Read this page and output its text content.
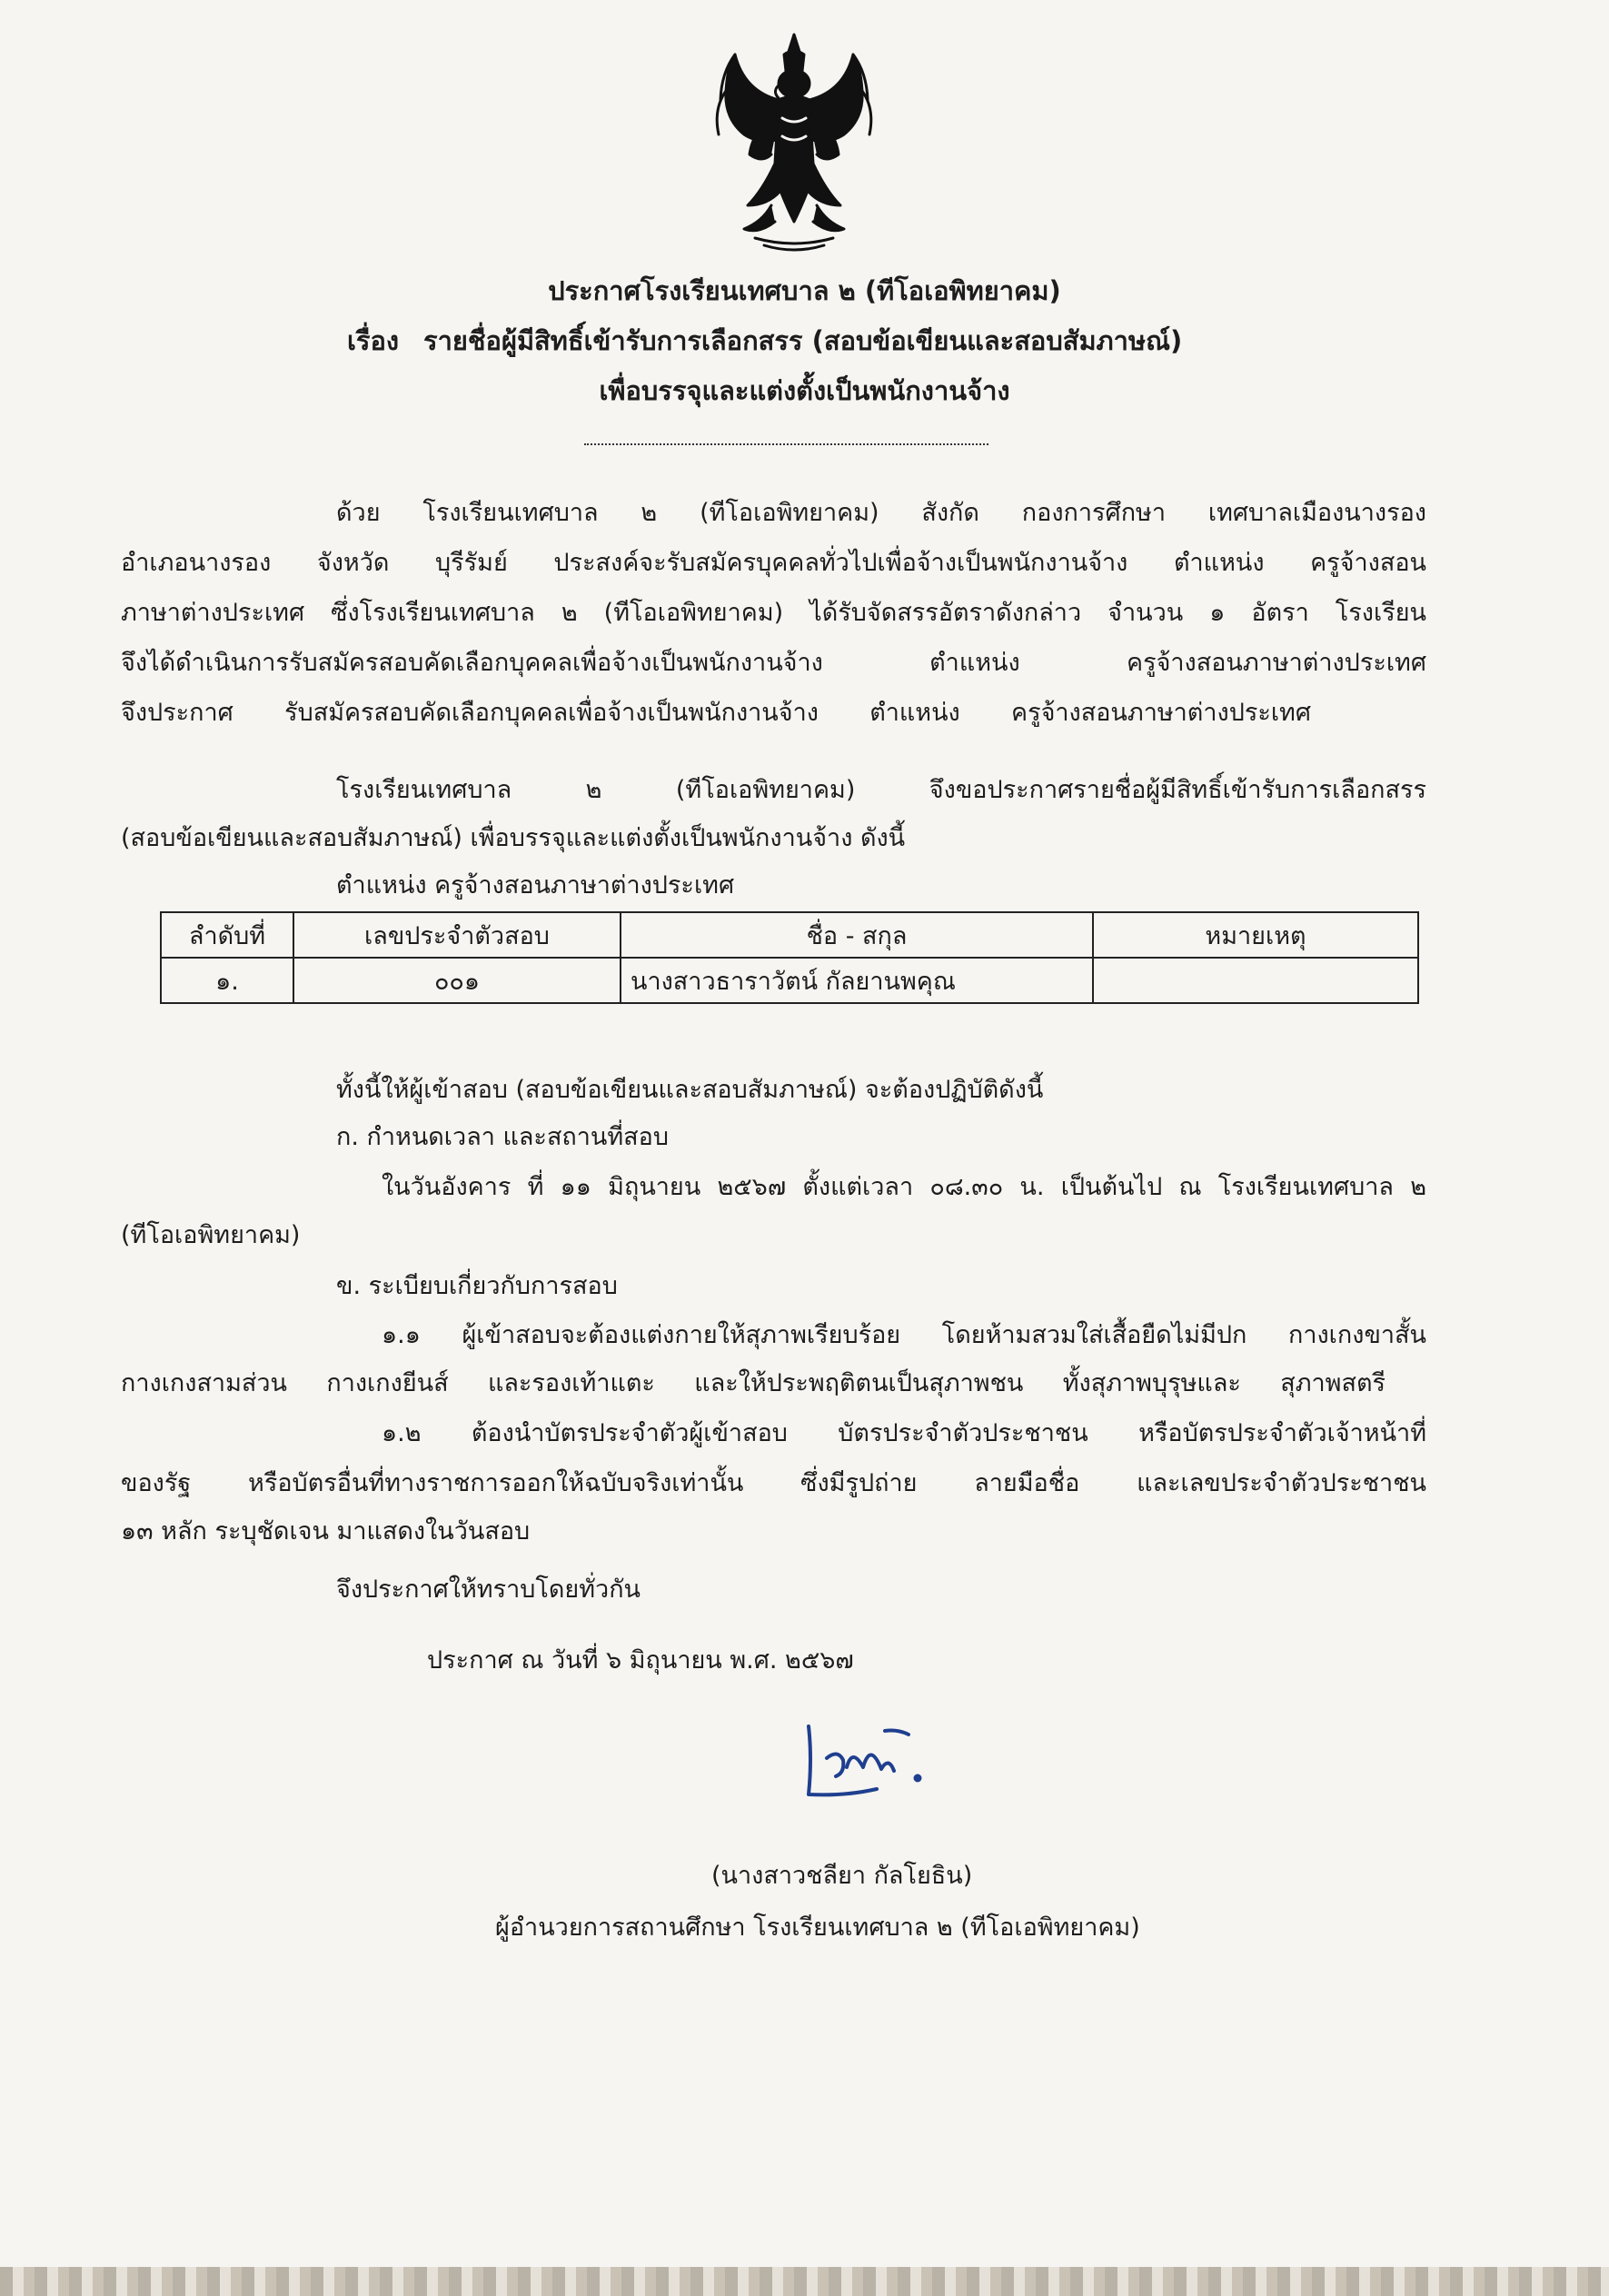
ประกาศโรงเรียนเทศบาล ๒ (ทีโอเอพิทยาคม)
เรื่อง รายชื่อผู้มีสิทธิ์เข้ารับการเลือกสรร (สอบข้อเขียนและสอบสัมภาษณ์)
เพื่อบรรจุและแต่งตั้งเป็นพนักงานจ้าง
ด้วย โรงเรียนเทศบาล ๒ (ทีโอเอพิทยาคม) สังกัด กองการศึกษา เทศบาลเมืองนางรอง
อำเภอนางรอง จังหวัด บุรีรัมย์ ประสงค์จะรับสมัครบุคคลทั่วไปเพื่อจ้างเป็นพนักงานจ้าง ตำแหน่ง ครูจ้างสอน
ภาษาต่างประเทศ ซึ่งโรงเรียนเทศบาล ๒ (ทีโอเอพิทยาคม) ได้รับจัดสรรอัตราดังกล่าว จำนวน ๑ อัตรา โรงเรียน
จึงได้ดำเนินการรับสมัครสอบคัดเลือกบุคคลเพื่อจ้างเป็นพนักงานจ้าง ตำแหน่ง ครูจ้างสอนภาษาต่างประเทศ
จึงประกาศ รับสมัครสอบคัดเลือกบุคคลเพื่อจ้างเป็นพนักงานจ้าง ตำแหน่ง ครูจ้างสอนภาษาต่างประเทศ
โรงเรียนเทศบาล ๒ (ทีโอเอพิทยาคม) จึงขอประกาศรายชื่อผู้มีสิทธิ์เข้ารับการเลือกสรร
(สอบข้อเขียนและสอบสัมภาษณ์) เพื่อบรรจุและแต่งตั้งเป็นพนักงานจ้าง ดังนี้
ตำแหน่ง ครูจ้างสอนภาษาต่างประเทศ
ลำดับที่	เลขประจำตัวสอบ	ชื่อ - สกุล	หมายเหตุ
๑.	๐๐๑	นางสาวธาราวัตน์ กัลยานพคุณ	
ทั้งนี้ให้ผู้เข้าสอบ (สอบข้อเขียนและสอบสัมภาษณ์) จะต้องปฏิบัติดังนี้
ก. กำหนดเวลา และสถานที่สอบ
ในวันอังคาร ที่ ๑๑ มิถุนายน ๒๕๖๗ ตั้งแต่เวลา ๐๘.๓๐ น. เป็นต้นไป ณ โรงเรียนเทศบาล ๒
(ทีโอเอพิทยาคม)
ข. ระเบียบเกี่ยวกับการสอบ
๑.๑ ผู้เข้าสอบจะต้องแต่งกายให้สุภาพเรียบร้อย โดยห้ามสวมใส่เสื้อยืดไม่มีปก กางเกงขาสั้น
กางเกงสามส่วน กางเกงยีนส์ และรองเท้าแตะ และให้ประพฤติตนเป็นสุภาพชน ทั้งสุภาพบุรุษและ สุภาพสตรี
๑.๒ ต้องนำบัตรประจำตัวผู้เข้าสอบ บัตรประจำตัวประชาชน หรือบัตรประจำตัวเจ้าหน้าที่
ของรัฐ หรือบัตรอื่นที่ทางราชการออกให้ฉบับจริงเท่านั้น ซึ่งมีรูปถ่าย ลายมือชื่อ และเลขประจำตัวประชาชน
๑๓ หลัก ระบุชัดเจน มาแสดงในวันสอบ
จึงประกาศให้ทราบโดยทั่วกัน
ประกาศ ณ วันที่ ๖ มิถุนายน พ.ศ. ๒๕๖๗
(นางสาวชลียา กัลโยธิน)
ผู้อำนวยการสถานศึกษา โรงเรียนเทศบาล ๒ (ทีโอเอพิทยาคม)
